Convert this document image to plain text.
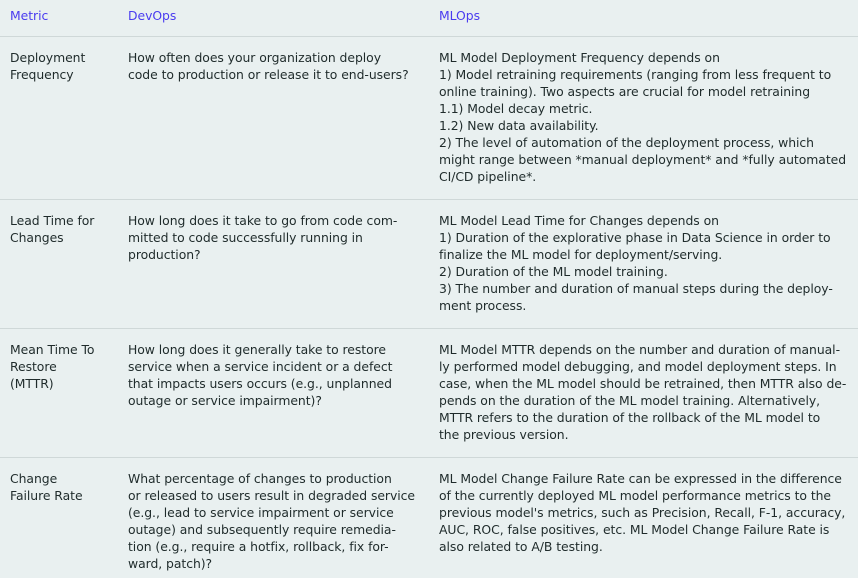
Metric	DevOps	MLOps
Deployment
Frequency
How often does your organization deploy
code to production or release it to end-users?
ML Model Deployment Frequency depends on
1) Model retraining requirements (ranging from less frequent to
online training). Two aspects are crucial for model retraining
1.1) Model decay metric.
1.2) New data availability.
2) The level of automation of the deployment process, which
might range between *manual deployment* and *fully automated
CI/CD pipeline*.
Lead Time for
Changes
How long does it take to go from code com-
mitted to code successfully running in
production?
ML Model Lead Time for Changes depends on
1) Duration of the explorative phase in Data Science in order to
finalize the ML model for deployment/serving.
2) Duration of the ML model training.
3) The number and duration of manual steps during the deploy-
ment process.
Mean Time To
Restore
(MTTR)
How long does it generally take to restore
service when a service incident or a defect
that impacts users occurs (e.g., unplanned
outage or service impairment)?
ML Model MTTR depends on the number and duration of manual-
ly performed model debugging, and model deployment steps. In
case, when the ML model should be retrained, then MTTR also de-
pends on the duration of the ML model training. Alternatively,
MTTR refers to the duration of the rollback of the ML model to
the previous version.
Change
Failure Rate
What percentage of changes to production
or released to users result in degraded service
(e.g., lead to service impairment or service
outage) and subsequently require remedia-
tion (e.g., require a hotfix, rollback, fix for-
ward, patch)?
ML Model Change Failure Rate can be expressed in the difference
of the currently deployed ML model performance metrics to the
previous model's metrics, such as Precision, Recall, F-1, accuracy,
AUC, ROC, false positives, etc. ML Model Change Failure Rate is
also related to A/B testing.
